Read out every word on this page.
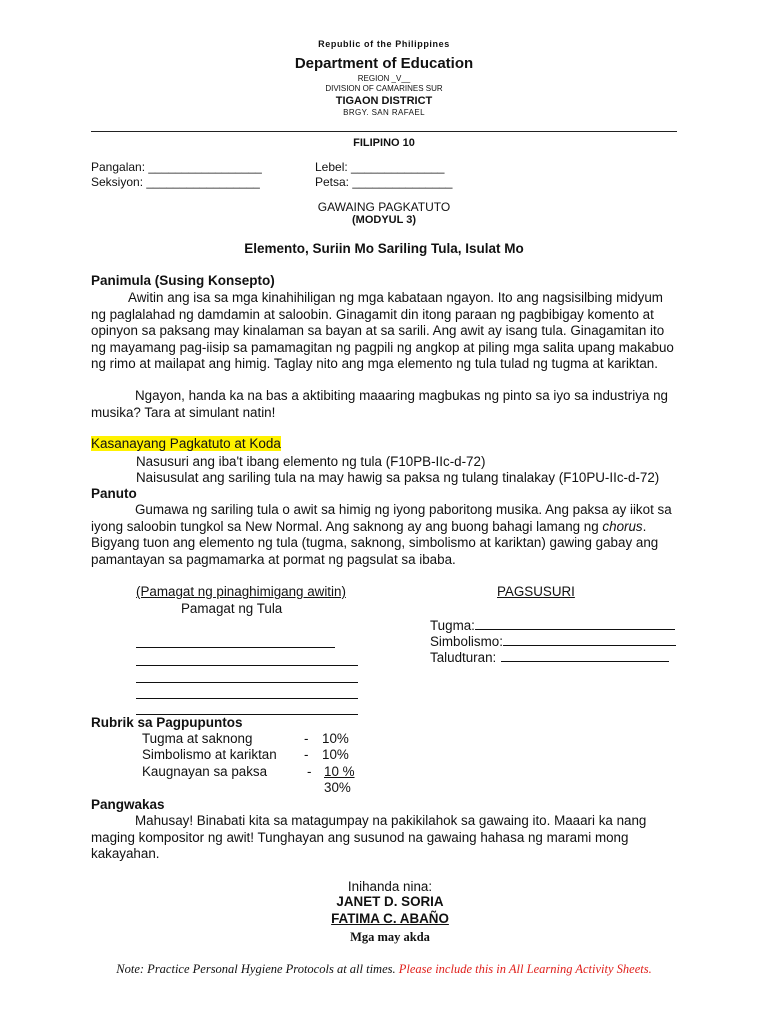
Republic of the Philippines
Department of Education
REGION _V__
DIVISION OF CAMARINES SUR
TIGAON DISTRICT
BRGY. SAN RAFAEL
FILIPINO 10
Pangalan: _________________
Seksiyon: _________________
Lebel: ______________
Petsa: _______________
GAWAING PAGKATUTO
(MODYUL 3)
Elemento, Suriin Mo Sariling Tula, Isulat Mo
Panimula (Susing Konsepto)
Awitin ang isa sa mga kinahihiligan ng mga kabataan ngayon. Ito ang nagsisilbing midyum ng paglalahad ng damdamin at saloobin. Ginagamit din itong paraan ng pagbibigay komento at opinyon sa paksang may kinalaman sa bayan at sa sarili. Ang awit ay isang tula. Ginagamitan ito ng mayamang pag-iisip sa pamamagitan ng pagpili ng angkop at piling mga salita upang makabuo ng rimo at mailapat ang himig. Taglay nito ang mga elemento ng tula tulad ng tugma at kariktan.
Ngayon, handa ka na bas a aktibiting maaaring magbukas ng pinto sa iyo sa industriya ng musika? Tara at simulant natin!
Kasanayang Pagkatuto at Koda
Nasusuri ang iba't ibang elemento ng tula (F10PB-IIc-d-72)
Naisusulat ang sariling tula na may hawig sa paksa ng tulang tinalakay (F10PU-IIc-d-72)
Panuto
Gumawa ng sariling tula o awit sa himig ng iyong paboritong musika. Ang paksa ay iikot sa iyong saloobin tungkol sa New Normal. Ang saknong ay ang buong bahagi lamang ng chorus. Bigyang tuon ang elemento ng tula (tugma, saknong, simbolismo at kariktan) gawing gabay ang pamantayan sa pagmamarka at pormat ng pagsulat sa ibaba.
(Pamagat ng pinaghimigang awitin)
Pamagat ng Tula
PAGSUSURI
Tugma:
Simbolismo:
Taludturan:
Rubrik sa Pagpupuntos
Tugma at saknong	- 10%
Simbolismo at kariktan - 10%
Kaugnayan sa paksa	- 10 %
30%
Pangwakas
Mahusay! Binabati kita sa matagumpay na pakikilahok sa gawaing ito. Maaari ka nang maging kompositor ng awit! Tunghayan ang susunod na gawaing hahasa ng marami mong kakayahan.
Inihanda nina:
JANET D. SORIA
FATIMA C. ABAÑO
Mga may akda
Note: Practice Personal Hygiene Protocols at all times. Please include this in All Learning Activity Sheets.
